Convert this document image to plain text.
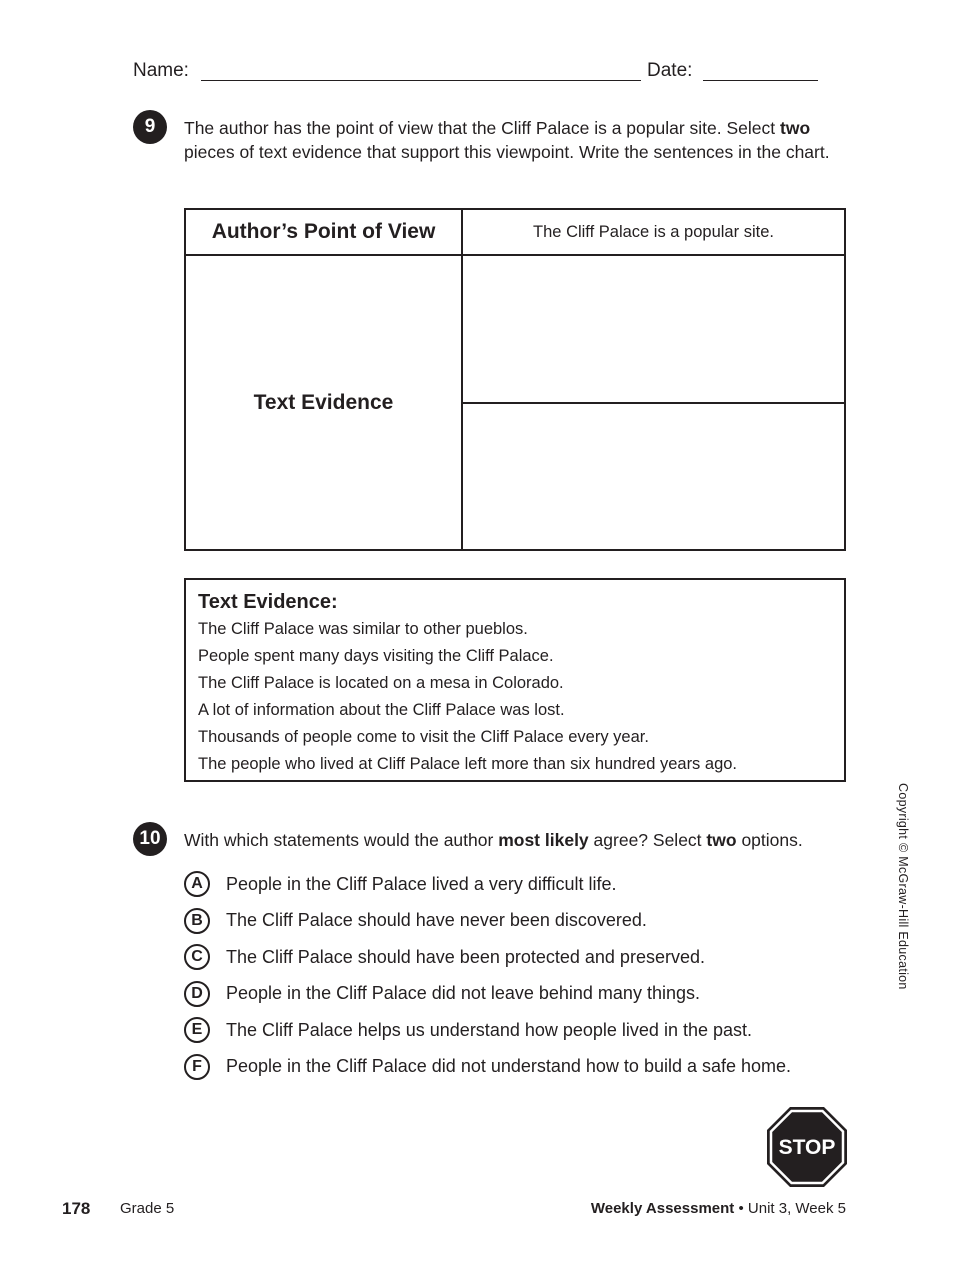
Name:	Date:
9	The author has the point of view that the Cliff Palace is a popular site. Select two pieces of text evidence that support this viewpoint. Write the sentences in the chart.
Author’s Point of View	The Cliff Palace is a popular site.
Text Evidence
Text Evidence:
The Cliff Palace was similar to other pueblos.
People spent many days visiting the Cliff Palace.
The Cliff Palace is located on a mesa in Colorado.
A lot of information about the Cliff Palace was lost.
Thousands of people come to visit the Cliff Palace every year.
The people who lived at Cliff Palace left more than six hundred years ago.
10	With which statements would the author most likely agree? Select two options.
A	People in the Cliff Palace lived a very difficult life.
B	The Cliff Palace should have never been discovered.
C	The Cliff Palace should have been protected and preserved.
D	People in the Cliff Palace did not leave behind many things.
E	The Cliff Palace helps us understand how people lived in the past.
F	People in the Cliff Palace did not understand how to build a safe home.
Copyright © McGraw-Hill Education
STOP
178 Grade 5	Weekly Assessment • Unit 3, Week 5
